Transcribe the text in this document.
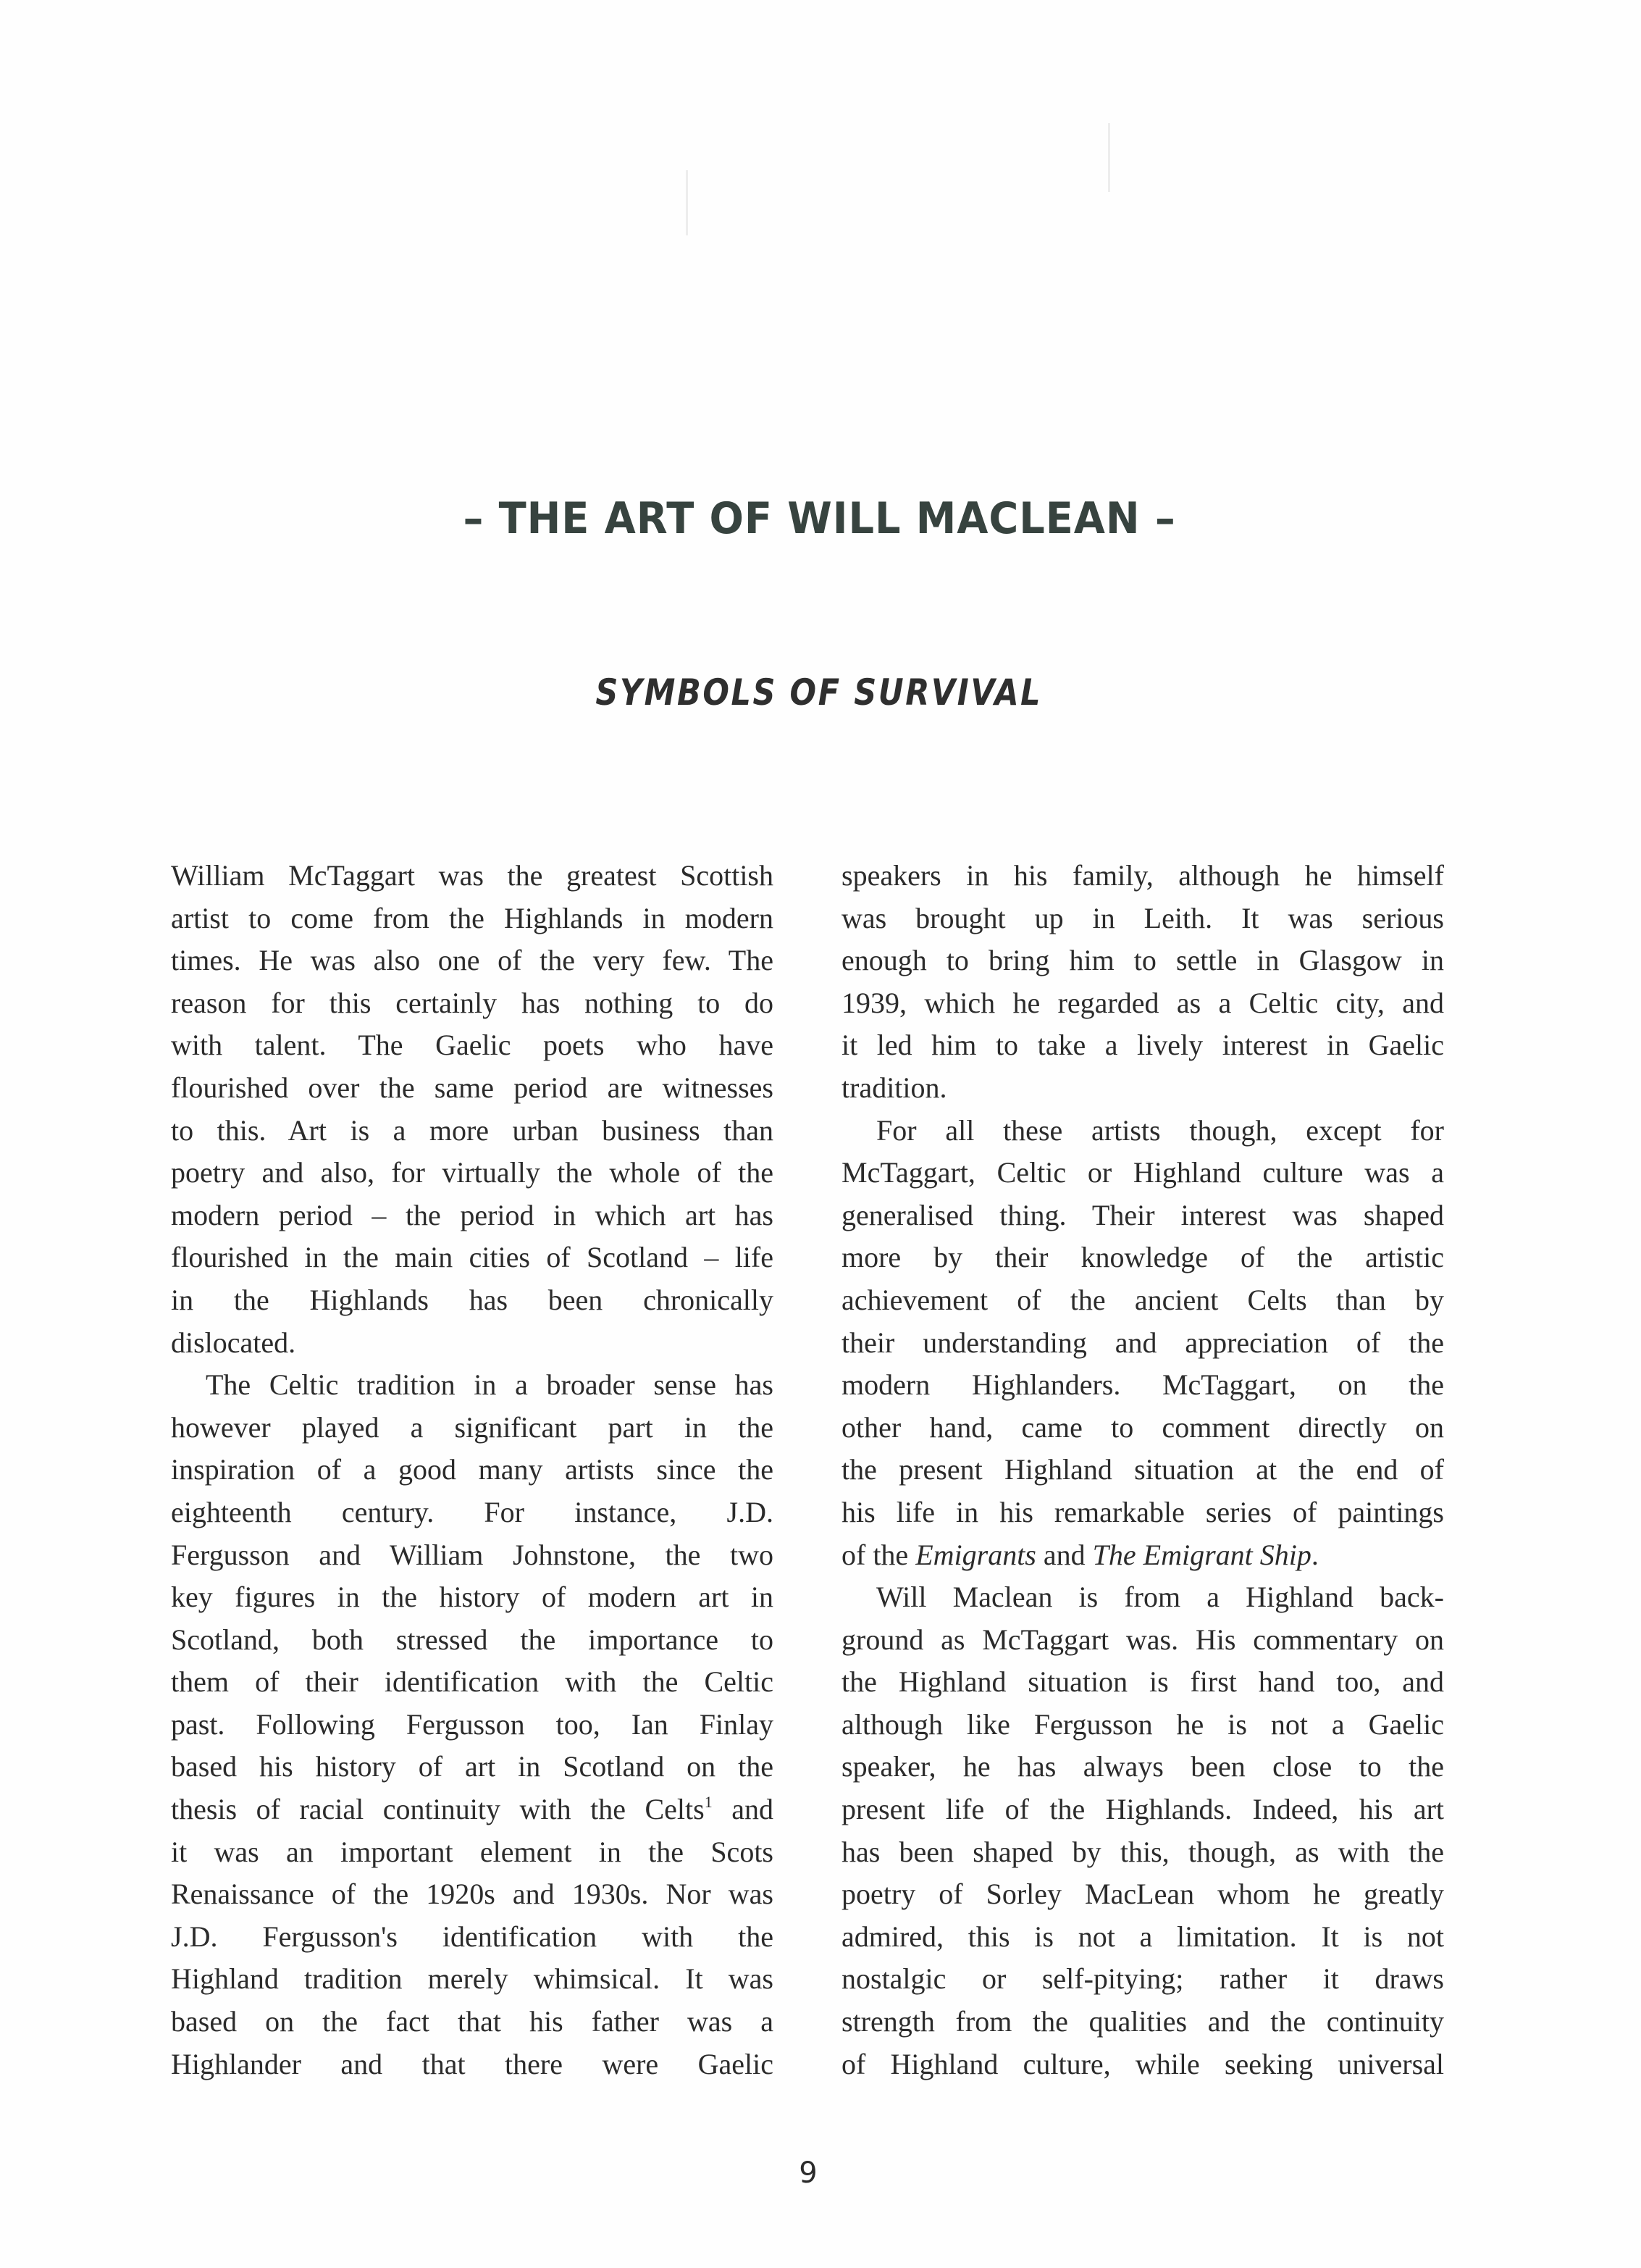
– THE ART OF WILL MACLEAN –
SYMBOLS OF SURVIVAL
William McTaggart was the greatest Scottish
artist to come from the Highlands in modern
times. He was also one of the very few. The
reason for this certainly has nothing to do
with talent. The Gaelic poets who have
flourished over the same period are witnesses
to this. Art is a more urban business than
poetry and also, for virtually the whole of the
modern period – the period in which art has
flourished in the main cities of Scotland – life
in the Highlands has been chronically
dislocated.
The Celtic tradition in a broader sense has
however played a significant part in the
inspiration of a good many artists since the
eighteenth century. For instance, J.D.
Fergusson and William Johnstone, the two
key figures in the history of modern art in
Scotland, both stressed the importance to
them of their identification with the Celtic
past. Following Fergusson too, Ian Finlay
based his history of art in Scotland on the
thesis of racial continuity with the Celts$^1$ and
it was an important element in the Scots
Renaissance of the 1920s and 1930s. Nor was
J.D. Fergusson's identification with the
Highland tradition merely whimsical. It was
based on the fact that his father was a
Highlander and that there were Gaelic
speakers in his family, although he himself
was brought up in Leith. It was serious
enough to bring him to settle in Glasgow in
1939, which he regarded as a Celtic city, and
it led him to take a lively interest in Gaelic
tradition.
For all these artists though, except for
McTaggart, Celtic or Highland culture was a
generalised thing. Their interest was shaped
more by their knowledge of the artistic
achievement of the ancient Celts than by
their understanding and appreciation of the
modern Highlanders. McTaggart, on the
other hand, came to comment directly on
the present Highland situation at the end of
his life in his remarkable series of paintings
of the Emigrants and The Emigrant Ship.
Will Maclean is from a Highland back-
ground as McTaggart was. His commentary on
the Highland situation is first hand too, and
although like Fergusson he is not a Gaelic
speaker, he has always been close to the
present life of the Highlands. Indeed, his art
has been shaped by this, though, as with the
poetry of Sorley MacLean whom he greatly
admired, this is not a limitation. It is not
nostalgic or self-pitying; rather it draws
strength from the qualities and the continuity
of Highland culture, while seeking universal
9
